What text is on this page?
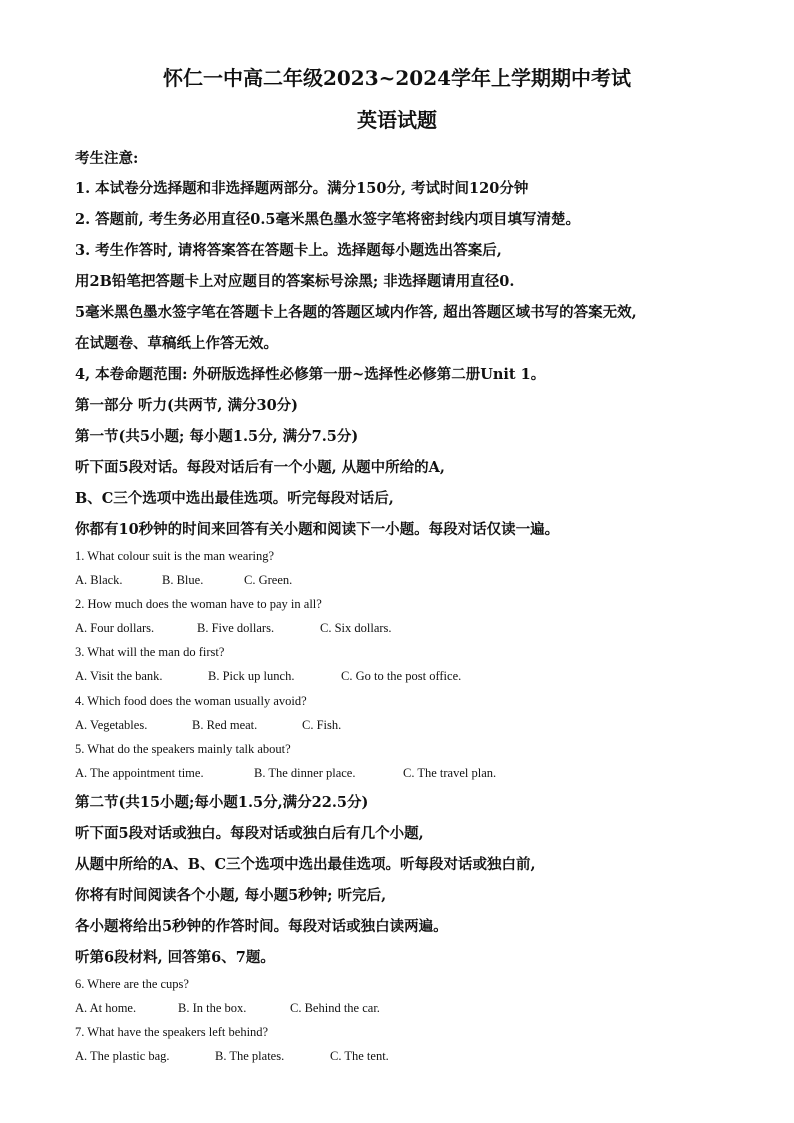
怀仁一中高二年级2023~2024学年上学期期中考试
英语试题
考生注意:
1. 本试卷分选择题和非选择题两部分。满分150分, 考试时间120分钟
2. 答题前, 考生务必用直径0.5毫米黑色墨水签字笔将密封线内项目填写清楚。
3. 考生作答时, 请将答案答在答题卡上。选择题每小题选出答案后,
用2B铅笔把答题卡上对应题目的答案标号涂黑; 非选择题请用直径0.
5毫米黑色墨水签字笔在答题卡上各题的答题区域内作答, 超出答题区域书写的答案无效,
在试题卷、草稿纸上作答无效。
4, 本卷命题范围: 外研版选择性必修第一册~选择性必修第二册Unit 1。
第一部分 听力(共两节, 满分30分)
第一节(共5小题; 每小题1.5分, 满分7.5分)
听下面5段对话。每段对话后有一个小题, 从题中所给的A,
B、C三个选项中选出最佳选项。听完每段对话后,
你都有10秒钟的时间来回答有关小题和阅读下一小题。每段对话仅读一遍。
1. What colour suit is the man wearing?
A. Black.	B. Blue.	C. Green.
2. How much does the woman have to pay in all?
A. Four dollars.	B. Five dollars.	C. Six dollars.
3. What will the man do first?
A. Visit the bank.	B. Pick up lunch.	C. Go to the post office.
4. Which food does the woman usually avoid?
A. Vegetables.	B. Red meat.	C. Fish.
5. What do the speakers mainly talk about?
A. The appointment time.	B. The dinner place.	C. The travel plan.
第二节(共15小题;每小题1.5分,满分22.5分)
听下面5段对话或独白。每段对话或独白后有几个小题,
从题中所给的A、B、C三个选项中选出最佳选项。听每段对话或独白前,
你将有时间阅读各个小题, 每小题5秒钟; 听完后,
各小题将给出5秒钟的作答时间。每段对话或独白读两遍。
听第6段材料, 回答第6、7题。
6. Where are the cups?
A. At home.	B. In the box.	C. Behind the car.
7. What have the speakers left behind?
A. The plastic bag.	B. The plates.	C. The tent.
